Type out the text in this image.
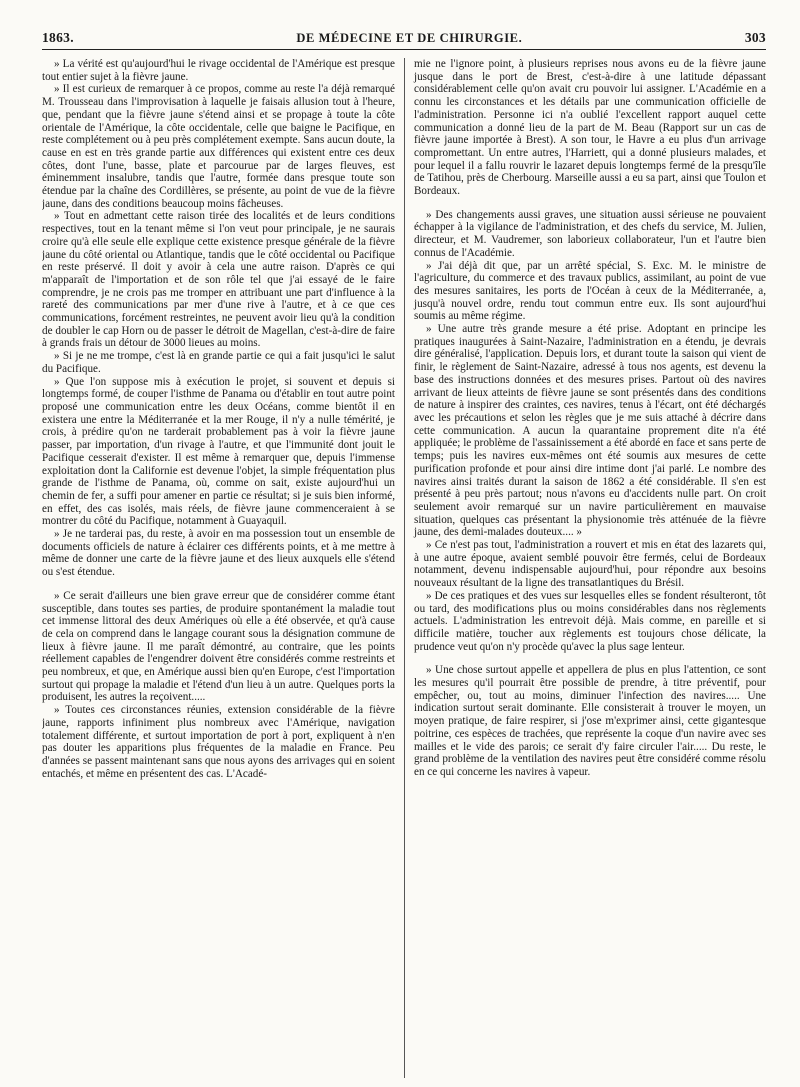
1863.	DE MÉDECINE ET DE CHIRURGIE.	303

» La vérité est qu'aujourd'hui le rivage occidental de l'Amérique est presque tout entier sujet à la fièvre jaune.

» Il est curieux de remarquer à ce propos, comme au reste l'a déjà remarqué M. Trousseau dans l'improvisation à laquelle je faisais allusion tout à l'heure, que, pendant que la fièvre jaune s'étend ainsi et se propage à toute la côte orientale de l'Amérique, la côte occidentale, celle que baigne le Pacifique, en reste complétement ou à peu près complétement exempte. Sans aucun doute, la cause en est en très grande partie aux différences qui existent entre ces deux côtes, dont l'une, basse, plate et parcourue par de larges fleuves, est éminemment insalubre, tandis que l'autre, formée dans presque toute son étendue par la chaîne des Cordillères, se présente, au point de vue de la fièvre jaune, dans des conditions beaucoup moins fâcheuses.

» Tout en admettant cette raison tirée des localités et de leurs conditions respectives, tout en la tenant même si l'on veut pour principale, je ne saurais croire qu'à elle seule elle explique cette existence presque générale de la fièvre jaune du côté oriental ou Atlantique, tandis que le côté occidental ou Pacifique en reste préservé. Il doit y avoir à cela une autre raison. D'après ce qui m'apparaît de l'importation et de son rôle tel que j'ai essayé de le faire comprendre, je ne crois pas me tromper en attribuant une part d'influence à la rareté des communications par mer d'une rive à l'autre, et à ce que ces communications, forcément restreintes, ne peuvent avoir lieu qu'à la condition de doubler le cap Horn ou de passer le détroit de Magellan, c'est-à-dire de faire à grands frais un détour de 3000 lieues au moins.

» Si je ne me trompe, c'est là en grande partie ce qui a fait jusqu'ici le salut du Pacifique.

» Que l'on suppose mis à exécution le projet, si souvent et depuis si longtemps formé, de couper l'isthme de Panama ou d'établir en tout autre point proposé une communication entre les deux Océans, comme bientôt il en existera une entre la Méditerranée et la mer Rouge, il n'y a nulle témérité, je crois, à prédire qu'on ne tarderait probablement pas à voir la fièvre jaune passer, par importation, d'un rivage à l'autre, et que l'immunité dont jouit le Pacifique cesserait d'exister. Il est même à remarquer que, depuis l'immense exploitation dont la Californie est devenue l'objet, la simple fréquentation plus grande de l'isthme de Panama, où, comme on sait, existe aujourd'hui un chemin de fer, a suffi pour amener en partie ce résultat; si je suis bien informé, en effet, des cas isolés, mais réels, de fièvre jaune commenceraient à se montrer du côté du Pacifique, notamment à Guayaquil.

» Je ne tarderai pas, du reste, à avoir en ma possession tout un ensemble de documents officiels de nature à éclairer ces différents points, et à me mettre à même de donner une carte de la fièvre jaune et des lieux auxquels elle s'étend ou s'est étendue.

» Ce serait d'ailleurs une bien grave erreur que de considérer comme étant susceptible, dans toutes ses parties, de produire spontanément la maladie tout cet immense littoral des deux Amériques où elle a été observée, et qu'à cause de cela on comprend dans le langage courant sous la désignation commune de lieux à fièvre jaune. Il me paraît démontré, au contraire, que les points réellement capables de l'engendrer doivent être considérés comme restreints et peu nombreux, et que, en Amérique aussi bien qu'en Europe, c'est l'importation surtout qui propage la maladie et l'étend d'un lieu à un autre. Quelques ports la produisent, les autres la reçoivent.....

» Toutes ces circonstances réunies, extension considérable de la fièvre jaune, rapports infiniment plus nombreux avec l'Amérique, navigation totalement différente, et surtout importation de port à port, expliquent à n'en pas douter les apparitions plus fréquentes de la maladie en France. Peu d'années se passent maintenant sans que nous ayons des arrivages qui en soient entachés, et même en présentent des cas. L'Acadé-

mie ne l'ignore point, à plusieurs reprises nous avons eu de la fièvre jaune jusque dans le port de Brest, c'est-à-dire à une latitude dépassant considérablement celle qu'on avait cru pouvoir lui assigner. L'Académie en a connu les circonstances et les détails par une communication officielle de l'administration. Personne ici n'a oublié l'excellent rapport auquel cette communication a donné lieu de la part de M. Beau (Rapport sur un cas de fièvre jaune importée à Brest). A son tour, le Havre a eu plus d'un arrivage compromettant. Un entre autres, l'Harriett, qui a donné plusieurs malades, et pour lequel il a fallu rouvrir le lazaret depuis longtemps fermé de la presqu'île de Tatihou, près de Cherbourg. Marseille aussi a eu sa part, ainsi que Toulon et Bordeaux.

» Des changements aussi graves, une situation aussi sérieuse ne pouvaient échapper à la vigilance de l'administration, et des chefs du service, M. Julien, directeur, et M. Vaudremer, son laborieux collaborateur, l'un et l'autre bien connus de l'Académie.

» J'ai déjà dit que, par un arrêté spécial, S. Exc. M. le ministre de l'agriculture, du commerce et des travaux publics, assimilant, au point de vue des mesures sanitaires, les ports de l'Océan à ceux de la Méditerranée, a, jusqu'à nouvel ordre, rendu tout commun entre eux. Ils sont aujourd'hui soumis au même régime.

» Une autre très grande mesure a été prise. Adoptant en principe les pratiques inaugurées à Saint-Nazaire, l'administration en a étendu, je devrais dire généralisé, l'application. Depuis lors, et durant toute la saison qui vient de finir, le règlement de Saint-Nazaire, adressé à tous nos agents, est devenu la base des instructions données et des mesures prises. Partout où des navires arrivant de lieux atteints de fièvre jaune se sont présentés dans des conditions de nature à inspirer des craintes, ces navires, tenus à l'écart, ont été déchargés avec les précautions et selon les règles que je me suis attaché à décrire dans cette communication. A aucun la quarantaine proprement dite n'a été appliquée; le problème de l'assainissement a été abordé en face et sans perte de temps; puis les navires eux-mêmes ont été soumis aux mesures de cette purification profonde et pour ainsi dire intime dont j'ai parlé. Le nombre des navires ainsi traités durant la saison de 1862 a été considérable. Il s'en est présenté à peu près partout; nous n'avons eu d'accidents nulle part. On croit seulement avoir remarqué sur un navire particulièrement en mauvaise situation, quelques cas présentant la physionomie très atténuée de la fièvre jaune, des demi-malades douteux.... »

» Ce n'est pas tout, l'administration a rouvert et mis en état des lazarets qui, à une autre époque, avaient semblé pouvoir être fermés, celui de Bordeaux notamment, devenu indispensable aujourd'hui, pour répondre aux besoins nouveaux résultant de la ligne des transatlantiques du Brésil.

» De ces pratiques et des vues sur lesquelles elles se fondent résulteront, tôt ou tard, des modifications plus ou moins considérables dans nos règlements actuels. L'administration les entrevoit déjà. Mais comme, en pareille et si difficile matière, toucher aux règlements est toujours chose délicate, la prudence veut qu'on n'y procède qu'avec la plus sage lenteur.

» Une chose surtout appelle et appellera de plus en plus l'attention, ce sont les mesures qu'il pourrait être possible de prendre, à titre préventif, pour empêcher, ou, tout au moins, diminuer l'infection des navires..... Une indication surtout serait dominante. Elle consisterait à trouver le moyen, un moyen pratique, de faire respirer, si j'ose m'exprimer ainsi, cette gigantesque poitrine, ces espèces de trachées, que représente la coque d'un navire avec ses mailles et le vide des parois; ce serait d'y faire circuler l'air..... Du reste, le grand problème de la ventilation des navires peut être considéré comme résolu en ce qui concerne les navires à vapeur.
